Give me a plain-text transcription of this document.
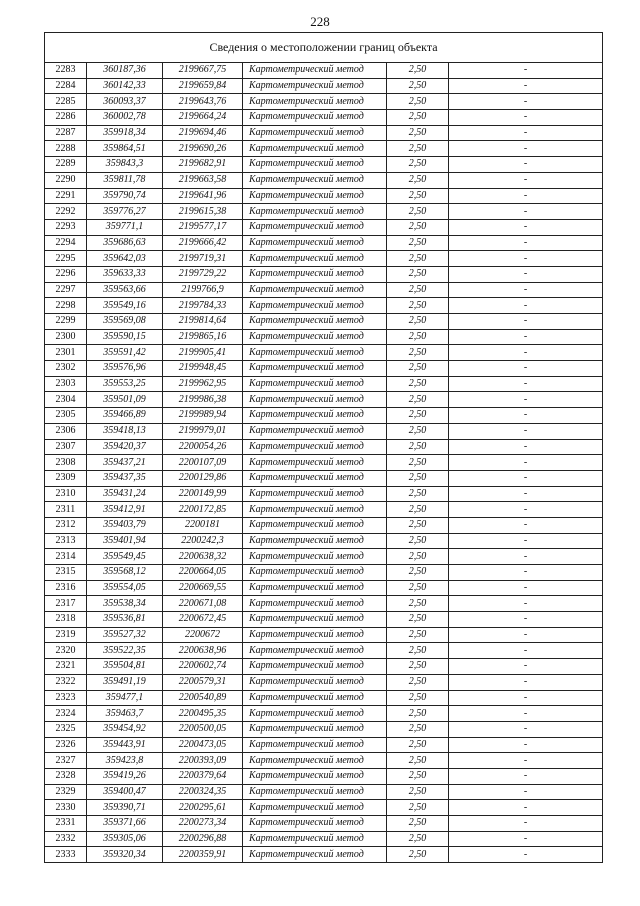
228
Сведения о местоположении границ объекта					
2283	360187,36	2199667,75	Картометрический метод	2,50	-
2284	360142,33	2199659,84	Картометрический метод	2,50	-
2285	360093,37	2199643,76	Картометрический метод	2,50	-
2286	360002,78	2199664,24	Картометрический метод	2,50	-
2287	359918,34	2199694,46	Картометрический метод	2,50	-
2288	359864,51	2199690,26	Картометрический метод	2,50	-
2289	359843,3	2199682,91	Картометрический метод	2,50	-
2290	359811,78	2199663,58	Картометрический метод	2,50	-
2291	359790,74	2199641,96	Картометрический метод	2,50	-
2292	359776,27	2199615,38	Картометрический метод	2,50	-
2293	359771,1	2199577,17	Картометрический метод	2,50	-
2294	359686,63	2199666,42	Картометрический метод	2,50	-
2295	359642,03	2199719,31	Картометрический метод	2,50	-
2296	359633,33	2199729,22	Картометрический метод	2,50	-
2297	359563,66	2199766,9	Картометрический метод	2,50	-
2298	359549,16	2199784,33	Картометрический метод	2,50	-
2299	359569,08	2199814,64	Картометрический метод	2,50	-
2300	359590,15	2199865,16	Картометрический метод	2,50	-
2301	359591,42	2199905,41	Картометрический метод	2,50	-
2302	359576,96	2199948,45	Картометрический метод	2,50	-
2303	359553,25	2199962,95	Картометрический метод	2,50	-
2304	359501,09	2199986,38	Картометрический метод	2,50	-
2305	359466,89	2199989,94	Картометрический метод	2,50	-
2306	359418,13	2199979,01	Картометрический метод	2,50	-
2307	359420,37	2200054,26	Картометрический метод	2,50	-
2308	359437,21	2200107,09	Картометрический метод	2,50	-
2309	359437,35	2200129,86	Картометрический метод	2,50	-
2310	359431,24	2200149,99	Картометрический метод	2,50	-
2311	359412,91	2200172,85	Картометрический метод	2,50	-
2312	359403,79	2200181	Картометрический метод	2,50	-
2313	359401,94	2200242,3	Картометрический метод	2,50	-
2314	359549,45	2200638,32	Картометрический метод	2,50	-
2315	359568,12	2200664,05	Картометрический метод	2,50	-
2316	359554,05	2200669,55	Картометрический метод	2,50	-
2317	359538,34	2200671,08	Картометрический метод	2,50	-
2318	359536,81	2200672,45	Картометрический метод	2,50	-
2319	359527,32	2200672	Картометрический метод	2,50	-
2320	359522,35	2200638,96	Картометрический метод	2,50	-
2321	359504,81	2200602,74	Картометрический метод	2,50	-
2322	359491,19	2200579,31	Картометрический метод	2,50	-
2323	359477,1	2200540,89	Картометрический метод	2,50	-
2324	359463,7	2200495,35	Картометрический метод	2,50	-
2325	359454,92	2200500,05	Картометрический метод	2,50	-
2326	359443,91	2200473,05	Картометрический метод	2,50	-
2327	359423,8	2200393,09	Картометрический метод	2,50	-
2328	359419,26	2200379,64	Картометрический метод	2,50	-
2329	359400,47	2200324,35	Картометрический метод	2,50	-
2330	359390,71	2200295,61	Картометрический метод	2,50	-
2331	359371,66	2200273,34	Картометрический метод	2,50	-
2332	359305,06	2200296,88	Картометрический метод	2,50	-
2333	359320,34	2200359,91	Картометрический метод	2,50	-
